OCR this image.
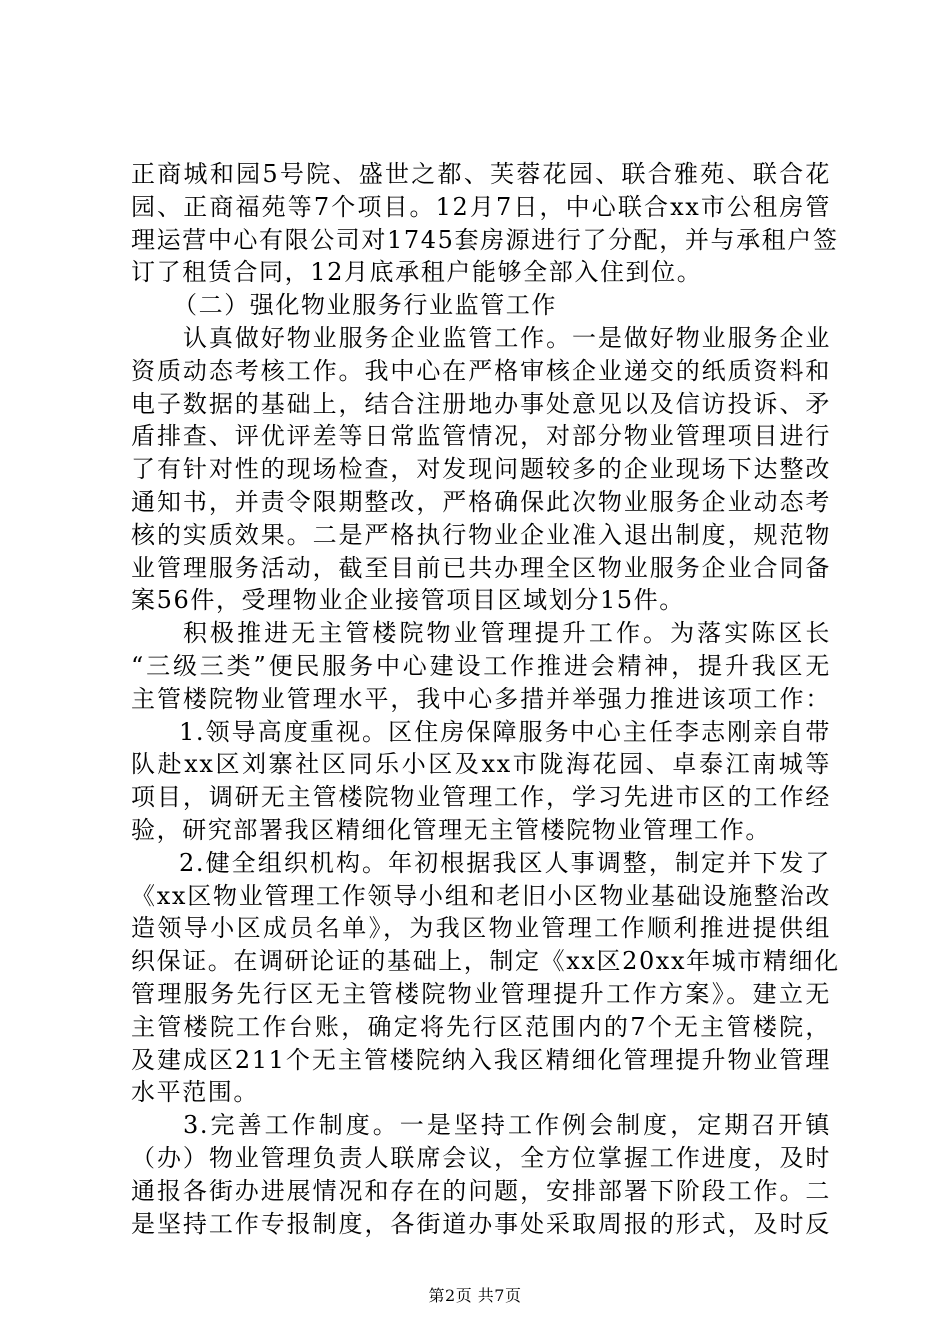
正商城和园5号院、盛世之都、芙蓉花园、联合雅苑、联合花
园、正商福苑等7个项目。12月7日，中心联合xx市公租房管
理运营中心有限公司对1745套房源进行了分配，并与承租户签
订了租赁合同，12月底承租户能够全部入住到位。
（二）强化物业服务行业监管工作
认真做好物业服务企业监管工作。一是做好物业服务企业
资质动态考核工作。我中心在严格审核企业递交的纸质资料和
电子数据的基础上，结合注册地办事处意见以及信访投诉、矛
盾排查、评优评差等日常监管情况，对部分物业管理项目进行
了有针对性的现场检查，对发现问题较多的企业现场下达整改
通知书，并责令限期整改，严格确保此次物业服务企业动态考
核的实质效果。二是严格执行物业企业准入退出制度，规范物
业管理服务活动，截至目前已共办理全区物业服务企业合同备
案56件，受理物业企业接管项目区域划分15件。
积极推进无主管楼院物业管理提升工作。为落实陈区长
“三级三类”便民服务中心建设工作推进会精神，提升我区无
主管楼院物业管理水平，我中心多措并举强力推进该项工作：
1.领导高度重视。区住房保障服务中心主任李志刚亲自带
队赴xx区刘寨社区同乐小区及xx市陇海花园、卓泰江南城等
项目，调研无主管楼院物业管理工作，学习先进市区的工作经
验，研究部署我区精细化管理无主管楼院物业管理工作。
2.健全组织机构。年初根据我区人事调整，制定并下发了
《xx区物业管理工作领导小组和老旧小区物业基础设施整治改
造领导小区成员名单》，为我区物业管理工作顺利推进提供组
织保证。在调研论证的基础上，制定《xx区20xx年城市精细化
管理服务先行区无主管楼院物业管理提升工作方案》。建立无
主管楼院工作台账，确定将先行区范围内的7个无主管楼院，
及建成区211个无主管楼院纳入我区精细化管理提升物业管理
水平范围。
3.完善工作制度。一是坚持工作例会制度，定期召开镇
（办）物业管理负责人联席会议，全方位掌握工作进度，及时
通报各街办进展情况和存在的问题，安排部署下阶段工作。二
是坚持工作专报制度，各街道办事处采取周报的形式，及时反
第2页 共7页
